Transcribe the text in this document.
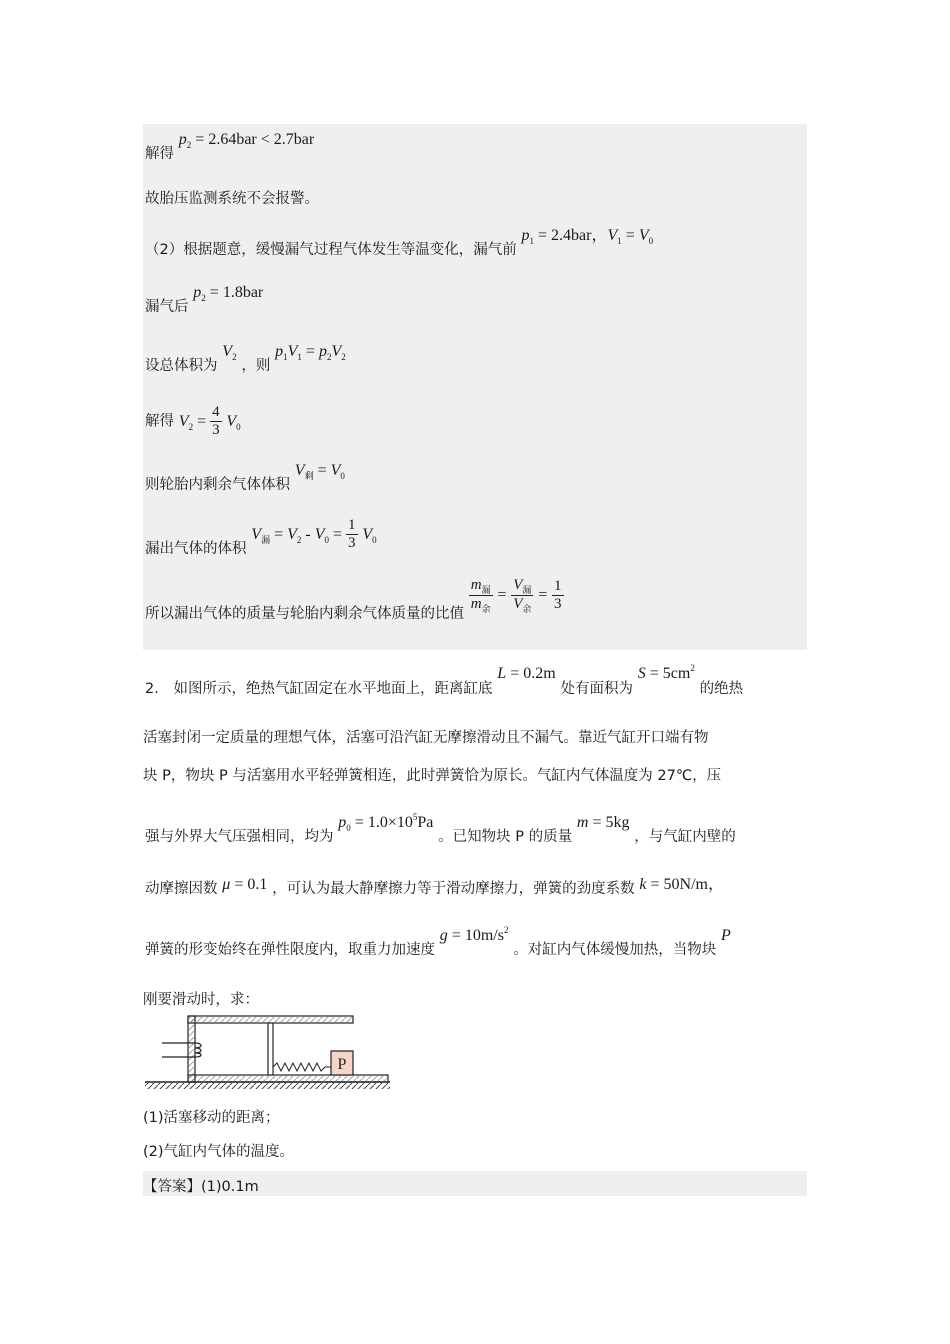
解得 $p_2 = 2.64bar < 2.7bar$
故胎压监测系统不会报警。
（2）根据题意，缓慢漏气过程气体发生等温变化，漏气前 $p_1 = 2.4bar$，$V_1 = V_0$
漏气后 $p_2 = 1.8bar$
设总体积为 $V_2$ ，则 $p_1V_1 = p_2V_2$
解得 $V_2 = \frac{4}{3} V_0$
则轮胎内剩余气体体积 $V_剩 = V_0$
漏出气体的体积 $V_漏 = V_2 - V_0 = \frac{1}{3} V_0$
所以漏出气体的质量与轮胎内剩余气体质量的比值 $\frac{m_漏}{m_余} = \frac{V_漏}{V_余} = \frac{1}{3}$
2． 如图所示，绝热气缸固定在水平地面上，距离缸底 L = 0.2m 处有面积为 $S = 5cm^2$ 的绝热
活塞封闭一定质量的理想气体，活塞可沿汽缸无摩擦滑动且不漏气。靠近气缸开口端有物
块 P，物块 P 与活塞用水平轻弹簧相连，此时弹簧恰为原长。气缸内气体温度为 27℃，压
强与外界大气压强相同，均为 $p_0 = 1.0\times 10^5Pa$ 。已知物块 P 的质量 m = 5kg ，与气缸内壁的
动摩擦因数 μ = 0.1 ，可认为最大静摩擦力等于滑动摩擦力，弹簧的劲度系数 k = 50N/m，
弹簧的形变始终在弹性限度内，取重力加速度 $g = 10m/s^2$ 。对缸内气体缓慢加热，当物块 P
刚要滑动时，求：
P
(1)活塞移动的距离；
(2)气缸内气体的温度。
【答案】(1)0.1m
